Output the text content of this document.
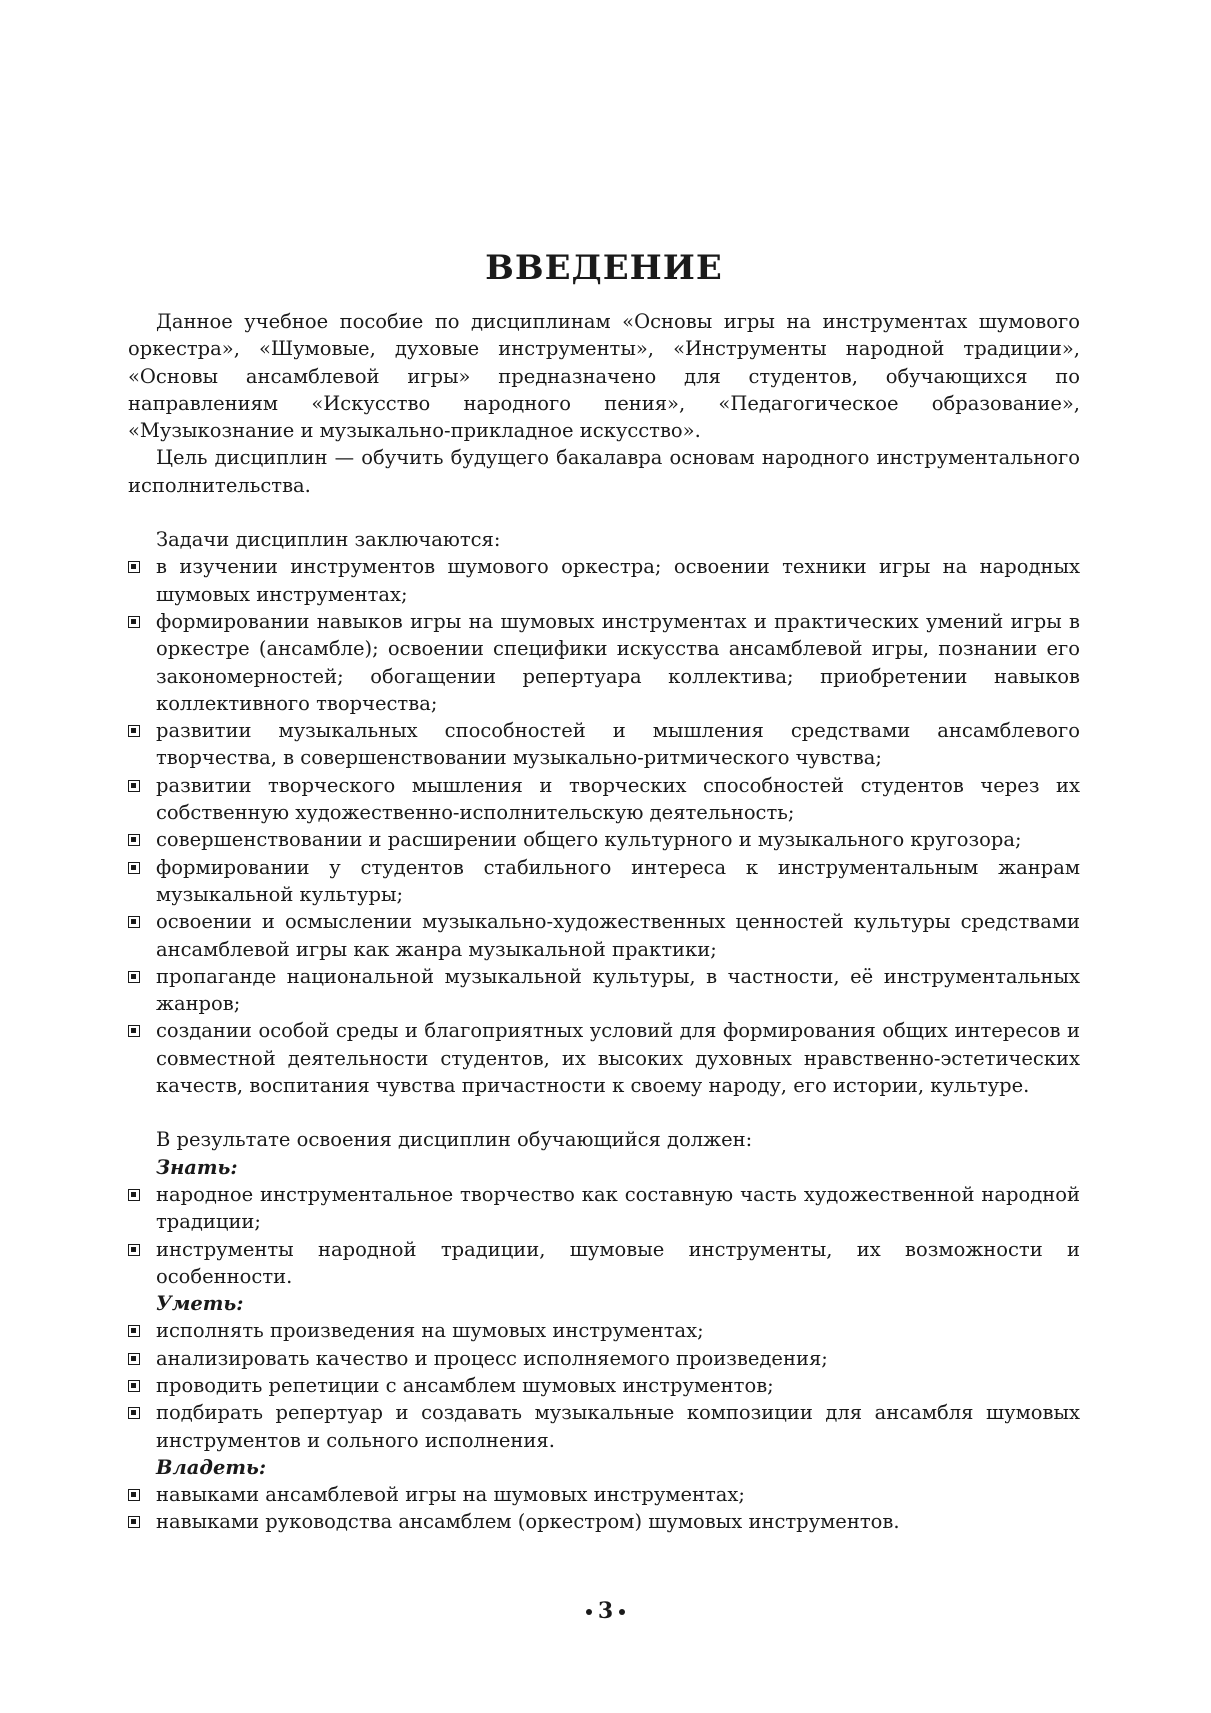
ВВЕДЕНИЕ

Данное учебное пособие по дисциплинам «Основы игры на инструментах шумового оркестра», «Шумовые, духовые инструменты», «Инструменты народной традиции», «Основы ансамблевой игры» предназначено для студентов, обучающихся по направлениям «Искусство народного пения», «Педагогическое образование», «Музыкознание и музыкально-прикладное искусство».

Цель дисциплин — обучить будущего бакалавра основам народного инструментального исполнительства.

Задачи дисциплин заключаются:

в изучении инструментов шумового оркестра; освоении техники игры на народных шумовых инструментах;
формировании навыков игры на шумовых инструментах и практических умений игры в оркестре (ансамбле); освоении специфики искусства ансамблевой игры, познании его закономерностей; обогащении репертуара коллектива; приобретении навыков коллективного творчества;
развитии музыкальных способностей и мышления средствами ансамблевого творчества, в совершенствовании музыкально-ритмического чувства;
развитии творческого мышления и творческих способностей студентов через их собственную художественно-исполнительскую деятельность;
совершенствовании и расширении общего культурного и музыкального кругозора;
формировании у студентов стабильного интереса к инструментальным жанрам музыкальной культуры;
освоении и осмыслении музыкально-художественных ценностей культуры средствами ансамблевой игры как жанра музыкальной практики;
пропаганде национальной музыкальной культуры, в частности, её инструментальных жанров;
создании особой среды и благоприятных условий для формирования общих интересов и совместной деятельности студентов, их высоких духовных нравственно-эстетических качеств, воспитания чувства причастности к своему народу, его истории, культуре.

В результате освоения дисциплин обучающийся должен:

Знать:

народное инструментальное творчество как составную часть художественной народной традиции;
инструменты народной традиции, шумовые инструменты, их возможности и особенности.

Уметь:

исполнять произведения на шумовых инструментах;
анализировать качество и процесс исполняемого произведения;
проводить репетиции с ансамблем шумовых инструментов;
подбирать репертуар и создавать музыкальные композиции для ансамбля шумовых инструментов и сольного исполнения.

Владеть:

навыками ансамблевой игры на шумовых инструментах;
навыками руководства ансамблем (оркестром) шумовых инструментов.
3
